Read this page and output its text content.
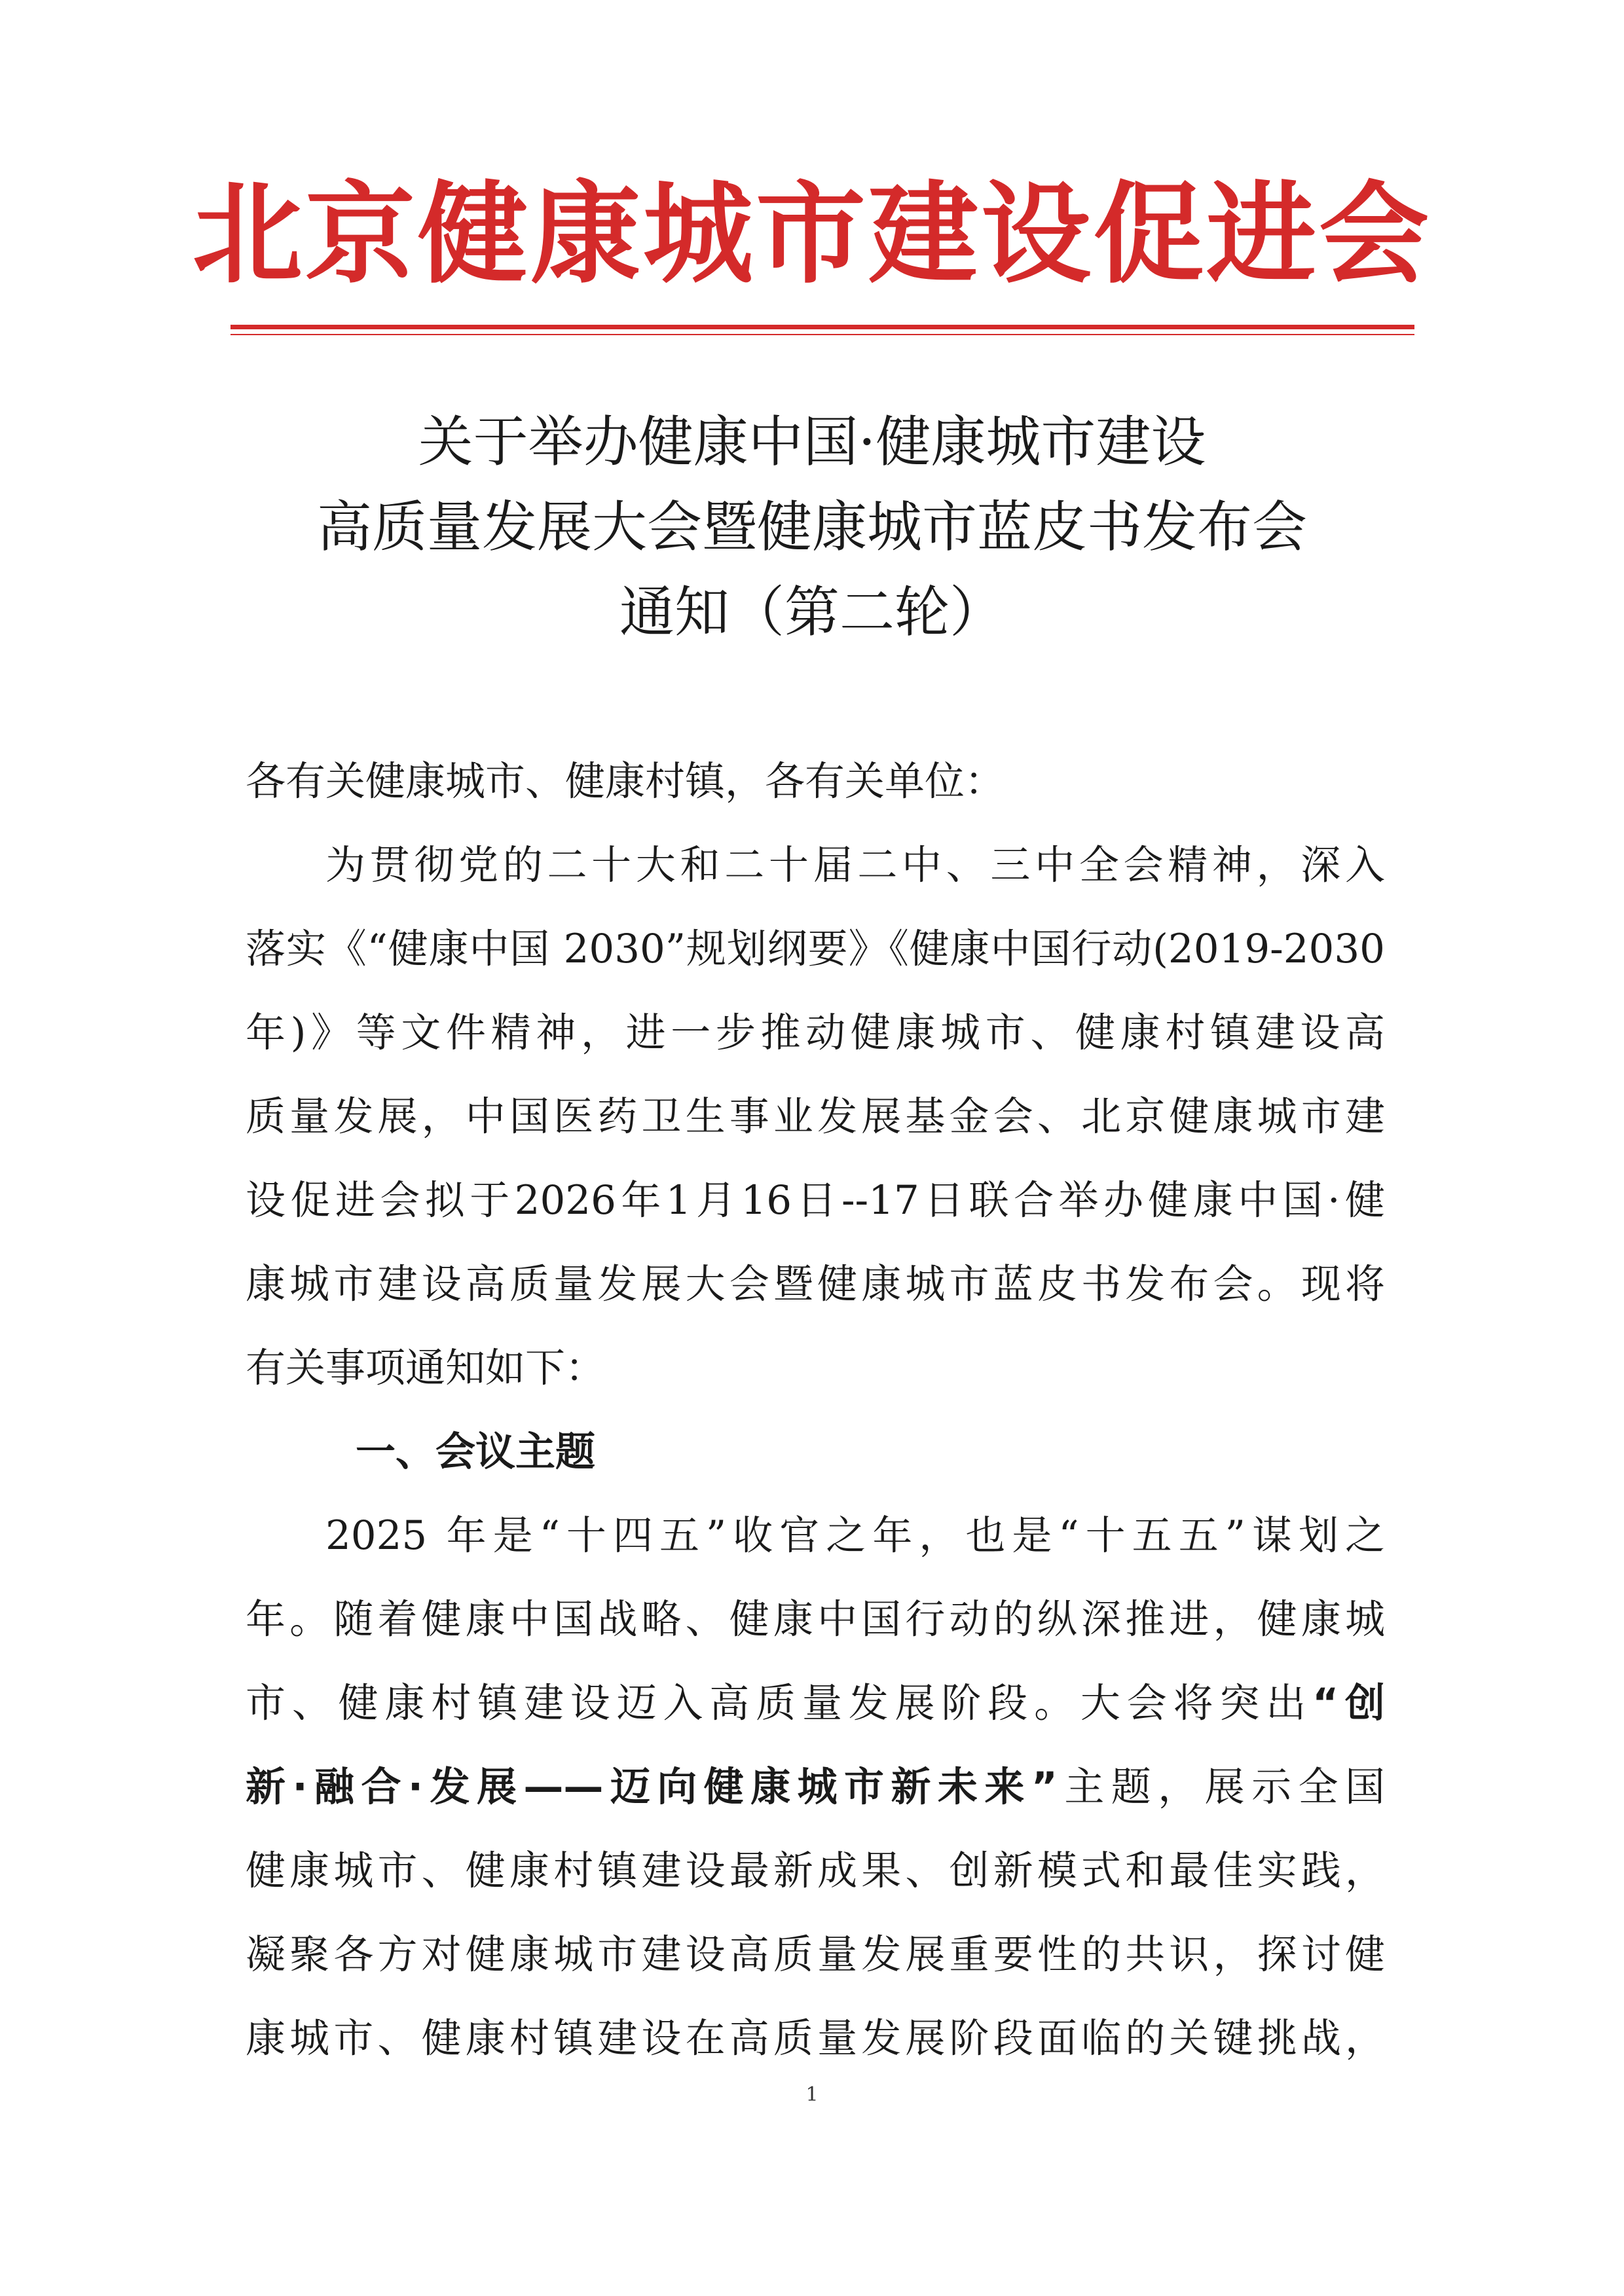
北京健康城市建设促进会
关于举办健康中国·健康城市建设
高质量发展大会暨健康城市蓝皮书发布会
通知（第二轮）
各有关健康城市、健康村镇，各有关单位：
为贯彻党的二十大和二十届二中、三中全会精神，深入
落实《“健康中国 2030”规划纲要》《健康中国行动(2019-2030
年)》等文件精神，进一步推动健康城市、健康村镇建设高
质量发展，中国医药卫生事业发展基金会、北京健康城市建
设促进会拟于2026年1月16日--17日联合举办健康中国·健
康城市建设高质量发展大会暨健康城市蓝皮书发布会。现将
有关事项通知如下：
一、会议主题
2025 年是“十四五”收官之年，也是“十五五”谋划之
年。随着健康中国战略、健康中国行动的纵深推进，健康城
市、健康村镇建设迈入高质量发展阶段。大会将突出“创
新·融合·发展——迈向健康城市新未来”主题，展示全国
健康城市、健康村镇建设最新成果、创新模式和最佳实践，
凝聚各方对健康城市建设高质量发展重要性的共识，探讨健
康城市、健康村镇建设在高质量发展阶段面临的关键挑战，
1
